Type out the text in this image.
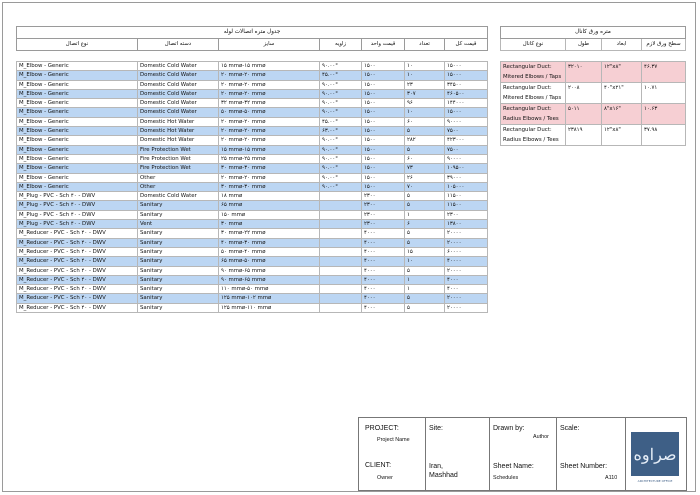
جدول متره اتصالات لوله						
نوع اتصال	دسته اتصال	سایز	زاویه	قیمت واحد	تعداد	قیمت کل

M_Elbow - Generic	Domestic Cold Water	۱۵ mmø-۱۵ mmø	۹۰.۰۰°	۱۵۰۰	۱۰	۱۵۰۰۰
M_Elbow - Generic	Domestic Cold Water	۲۰ mmø-۲۰ mmø	۴۵.۰۰°	۱۵۰۰	۱۰	۱۵۰۰۰
M_Elbow - Generic	Domestic Cold Water	۲۰ mmø-۲۰ mmø	۹۰.۰۰°	۱۵۰۰	۲۳	۳۴۵۰۰
M_Elbow - Generic	Domestic Cold Water	۲۰ mmø-۲۰ mmø	۹۰.۰۰°	۱۵۰۰	۳۰۷	۴۶۰۵۰۰
M_Elbow - Generic	Domestic Cold Water	۳۲ mmø-۳۲ mmø	۹۰.۰۰°	۱۵۰۰	۹۶	۱۴۴۰۰۰
M_Elbow - Generic	Domestic Cold Water	۵۰ mmø-۵۰ mmø	۹۰.۰۰°	۱۵۰۰	۱۰	۱۵۰۰۰
M_Elbow - Generic	Domestic Hot Water	۲۰ mmø-۲۰ mmø	۴۵.۰۰°	۱۵۰۰	۶۰	۹۰۰۰۰
M_Elbow - Generic	Domestic Hot Water	۲۰ mmø-۲۰ mmø	۶۳.۰۰°	۱۵۰۰	۵	۷۵۰۰
M_Elbow - Generic	Domestic Hot Water	۲۰ mmø-۲۰ mmø	۹۰.۰۰°	۱۵۰۰	۲۸۲	۴۲۳۰۰۰
M_Elbow - Generic	Fire Protection Wet	۱۵ mmø-۱۵ mmø	۹۰.۰۰°	۱۵۰۰	۵	۷۵۰۰
M_Elbow - Generic	Fire Protection Wet	۲۵ mmø-۲۵ mmø	۹۰.۰۰°	۱۵۰۰	۶۰	۹۰۰۰۰
M_Elbow - Generic	Fire Protection Wet	۳۰ mmø-۳۰ mmø	۹۰.۰۰°	۱۵۰۰	۷۳	۱۰۹۵۰۰
M_Elbow - Generic	Other	۲۰ mmø-۲۰ mmø	۹۰.۰۰°	۱۵۰۰	۲۶	۳۹۰۰۰
M_Elbow - Generic	Other	۳۰ mmø-۳۰ mmø	۹۰.۰۰°	۱۵۰۰	۷۰	۱۰۵۰۰۰
M_Plug - PVC - Sch ۴۰ - DWV	Domestic Cold Water	۱۸ mmø		۲۳۰۰	۵	۱۱۵۰۰
M_Plug - PVC - Sch ۴۰ - DWV	Sanitary	۶۵ mmø		۲۳۰۰	۵	۱۱۵۰۰
M_Plug - PVC - Sch ۴۰ - DWV	Sanitary	۱۵۰ mmø		۲۳۰۰	۱	۲۳۰۰
M_Plug - PVC - Sch ۴۰ - DWV	Vent	۳۰ mmø		۲۳۰۰	۶	۱۳۸۰۰
M_Reducer - PVC - Sch ۴۰ - DWV	Sanitary	۳۰ mmø-۲۲ mmø		۴۰۰۰	۵	۲۰۰۰۰
M_Reducer - PVC - Sch ۴۰ - DWV	Sanitary	۴۰ mmø-۳۰ mmø		۴۰۰۰	۵	۲۰۰۰۰
M_Reducer - PVC - Sch ۴۰ - DWV	Sanitary	۵۰ mmø-۴۰ mmø		۴۰۰۰	۱۵	۶۰۰۰۰
M_Reducer - PVC - Sch ۴۰ - DWV	Sanitary	۶۵ mmø-۵۰ mmø		۴۰۰۰	۱۰	۴۰۰۰۰
M_Reducer - PVC - Sch ۴۰ - DWV	Sanitary	۹۰ mmø-۶۵ mmø		۴۰۰۰	۵	۲۰۰۰۰
M_Reducer - PVC - Sch ۴۰ - DWV	Sanitary	۹۰ mmø-۶۵ mmø		۴۰۰۰	۱	۴۰۰۰
M_Reducer - PVC - Sch ۴۰ - DWV	Sanitary	۱۱۰ mmø-۵۰ mmø		۴۰۰۰	۱	۴۰۰۰
M_Reducer - PVC - Sch ۴۰ - DWV	Sanitary	۱۲۵ mmø-۱۰۲ mmø		۴۰۰۰	۵	۲۰۰۰۰
M_Reducer - PVC - Sch ۴۰ - DWV	Sanitary	۱۲۵ mmø-۱۱۰ mmø		۴۰۰۰	۵	۲۰۰۰۰
متره ورق کانال			
نوع کانال	طول	ابعاد	سطح ورق لازم

Rectangular Duct: Mitered Elbows / Taps	۳۲۰۱۰	۱۲"x۸"	۴۶.۳۷
Rectangular Duct: Mitered Elbows / Taps	۲۰۰۸	۴۰"x۲۱"	۱۰.۷۱
Rectangular Duct: Radius Elbows / Tees	۵۰۱۱	۸"x۱۶"	۱۰.۶۳
Rectangular Duct: Radius Elbows / Tees	۲۳۸۱۹	۱۲"x۸"	۳۷.۹۸
PROJECT:
Project Name
Site:
Iran,
Mashhad
Drawn by:
Author
Scale:
CLIENT:
Owner
Sheet Name:
Schedules
Sheet Number:
A110
صراوه
ARCHITECTURE OFFICE
